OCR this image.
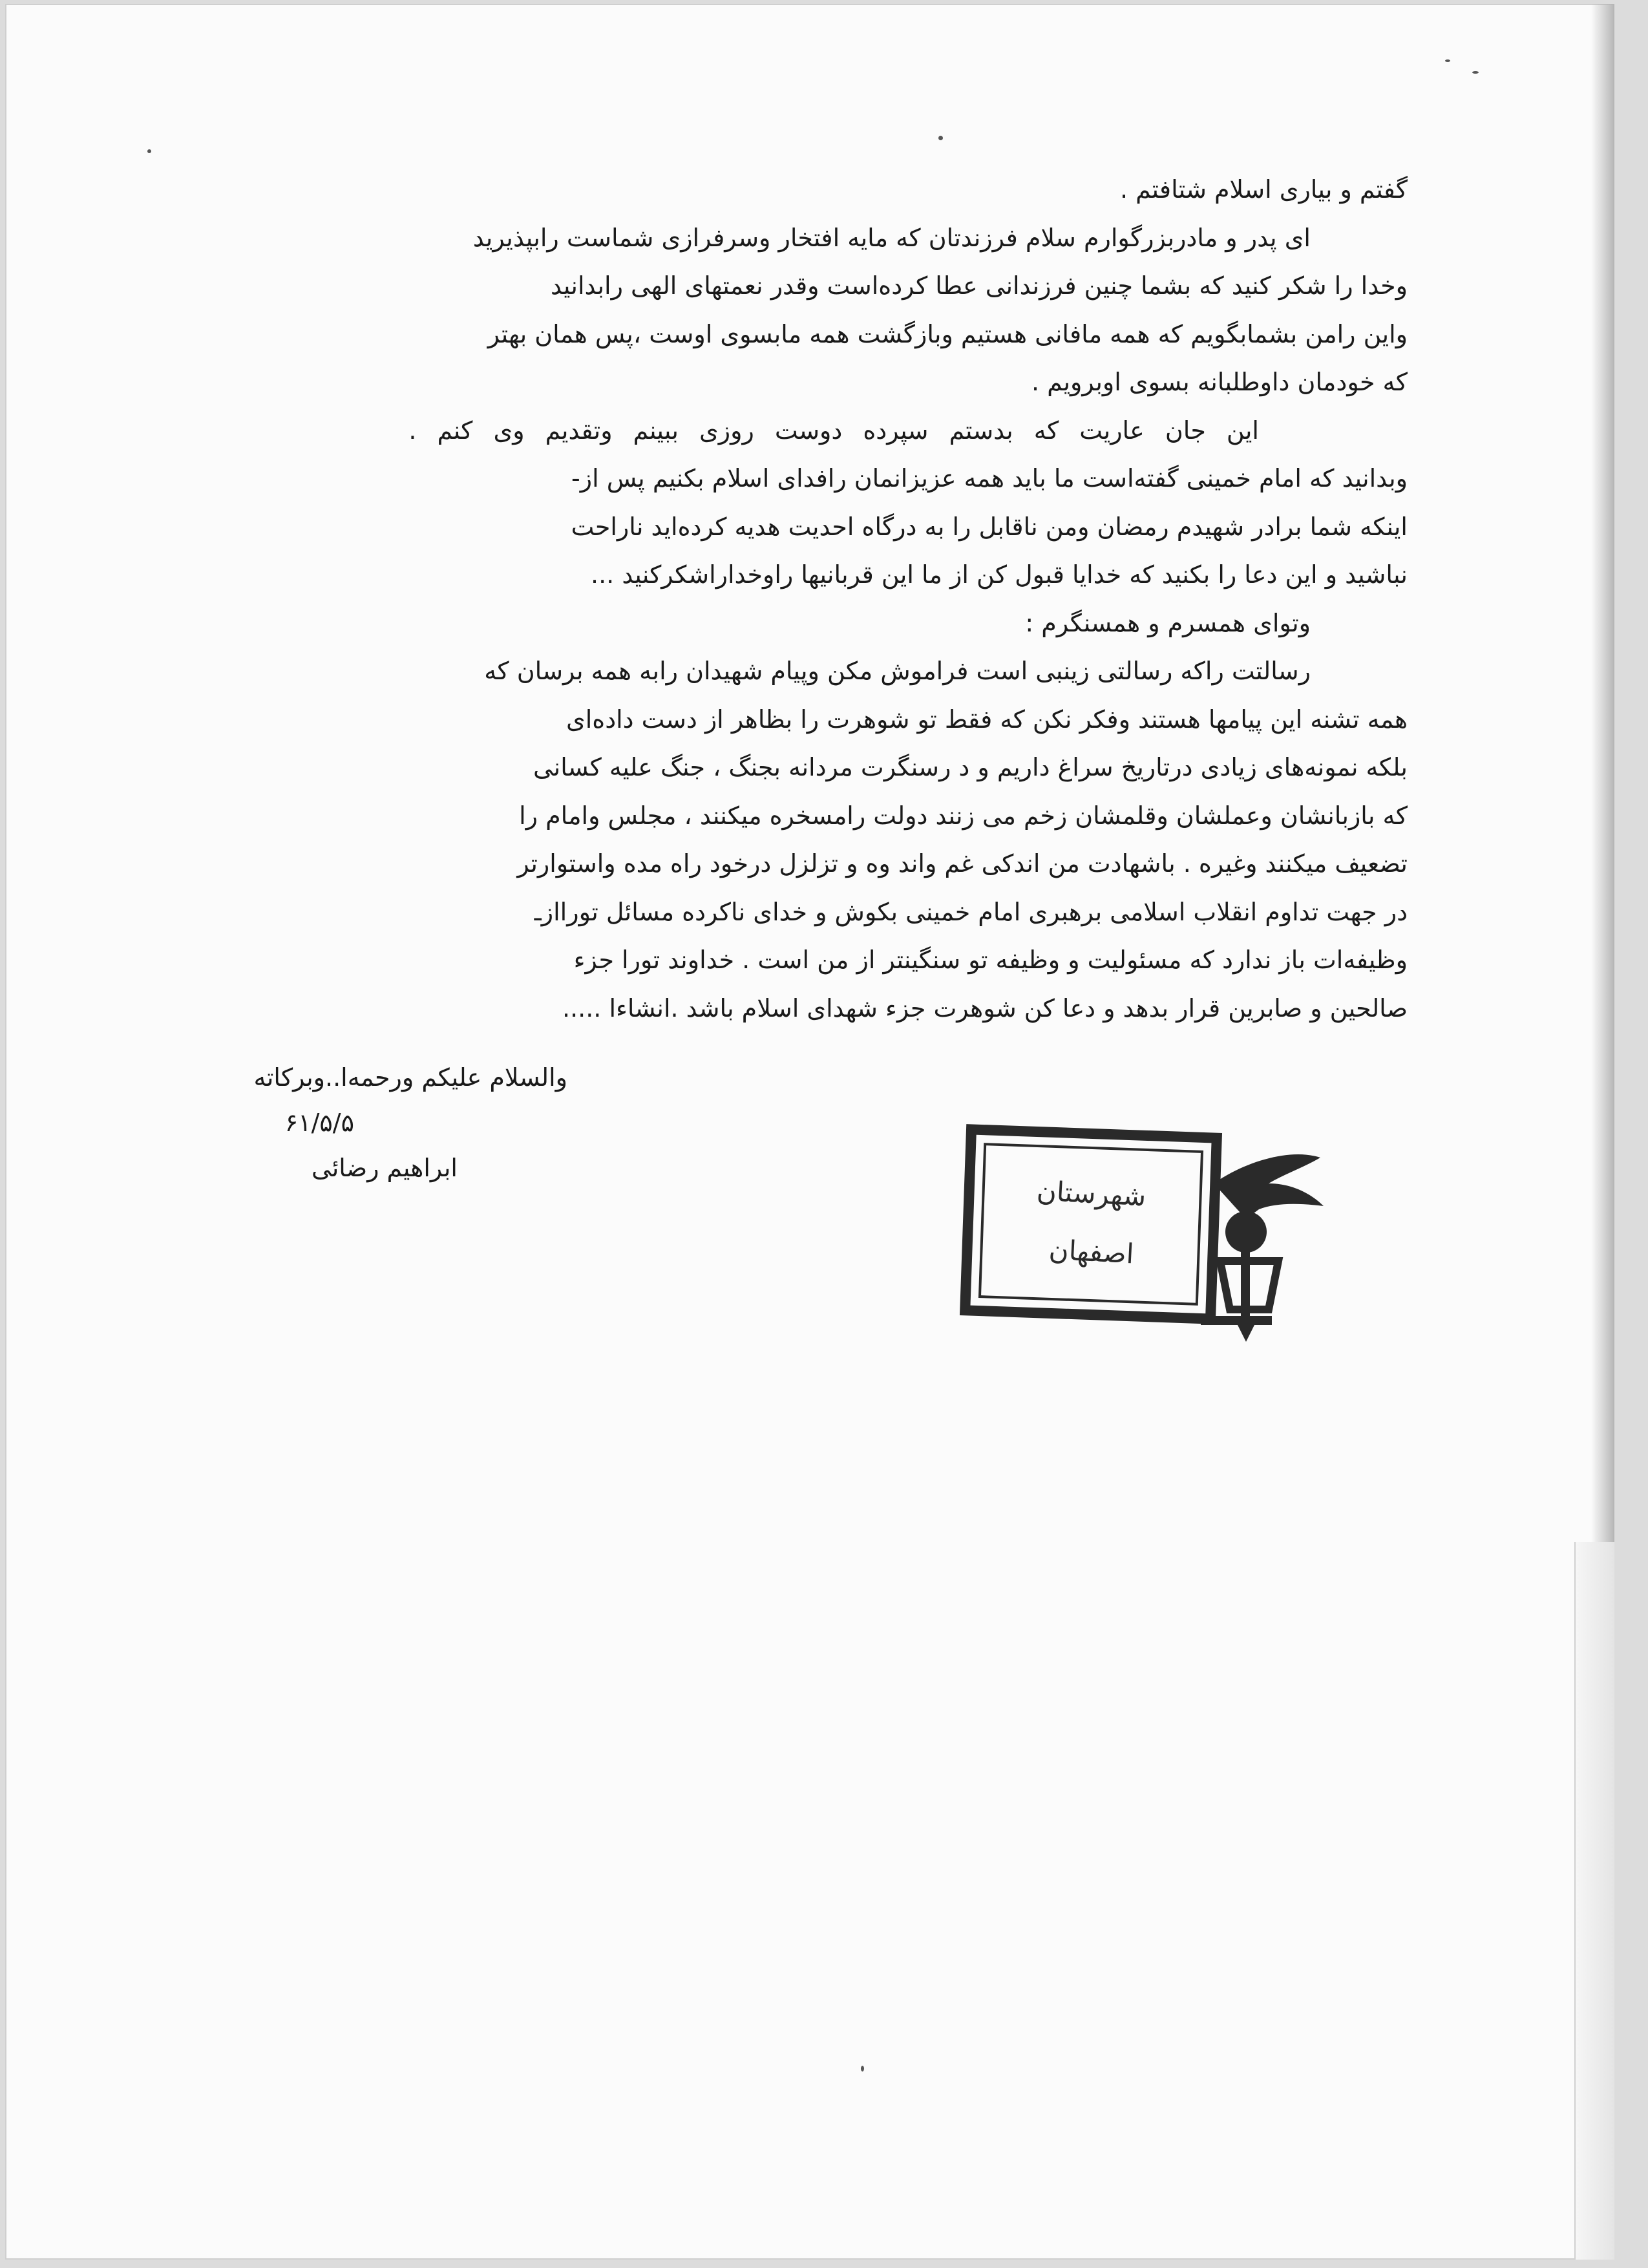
گفتم و بیاری اسلام شتافتم .
ای پدر و مادربزرگوارم سلام فرزندتان که مایه افتخار وسرفرازی شماست رابپذیرید
وخدا را شکر کنید که بشما چنین فرزندانی عطا کرده‌است وقدر نعمتهای الهی رابدانید
واین رامن بشمابگویم که همه مافانی هستیم وبازگشت همه مابسوی اوست ،پس همان بهتر
که خودمان داوطلبانه بسوی اوبرویم .
این جان عاریت که بدستم سپرده دوست روزی ببینم وتقدیم وی کنم .
وبدانید که امام خمینی گفته‌است ما باید همه عزیزانمان رافدای اسلام بکنیم پس از-
اینکه شما برادر شهیدم رمضان ومن ناقابل را به درگاه احدیت هدیه کرده‌اید ناراحت
نباشید و این دعا را بکنید که خدایا قبول کن از ما این قربانیها راوخداراشکرکنید ...
وتوای همسرم و همسنگرم :
رسالتت راکه رسالتی زینبی است فراموش مکن وپیام شهیدان رابه همه برسان که
همه تشنه این پیامها هستند وفکر نکن که فقط تو شوهرت را بظاهر از دست داده‌ای
بلکه نمونه‌های زیادی درتاریخ سراغ داریم و د رسنگرت مردانه بجنگ ، جنگ علیه کسانی
که بازبانشان وعملشان وقلمشان زخم می زنند دولت رامسخره میکنند ، مجلس وامام را
تضعیف میکنند وغیره . باشهادت من اندکی غم واند وه و تزلزل درخود راه مده واستوارتر
در جهت تداوم انقلاب اسلامی برهبری امام خمینی بکوش و خدای ناکرده مسائل توراازـ
وظیفه‌ات باز ندارد که مسئولیت و وظیفه تو سنگینتر از من است . خداوند تورا جزء
صالحین و صابرین قرار بدهد و دعا کن شوهرت جزء شهدای اسلام باشد .انشاءا .....
والسلام علیکم ورحمه‌ا..وبرکاته
۶۱/۵/۵
ابراهیم رضائی
شهرستان
اصفهان
